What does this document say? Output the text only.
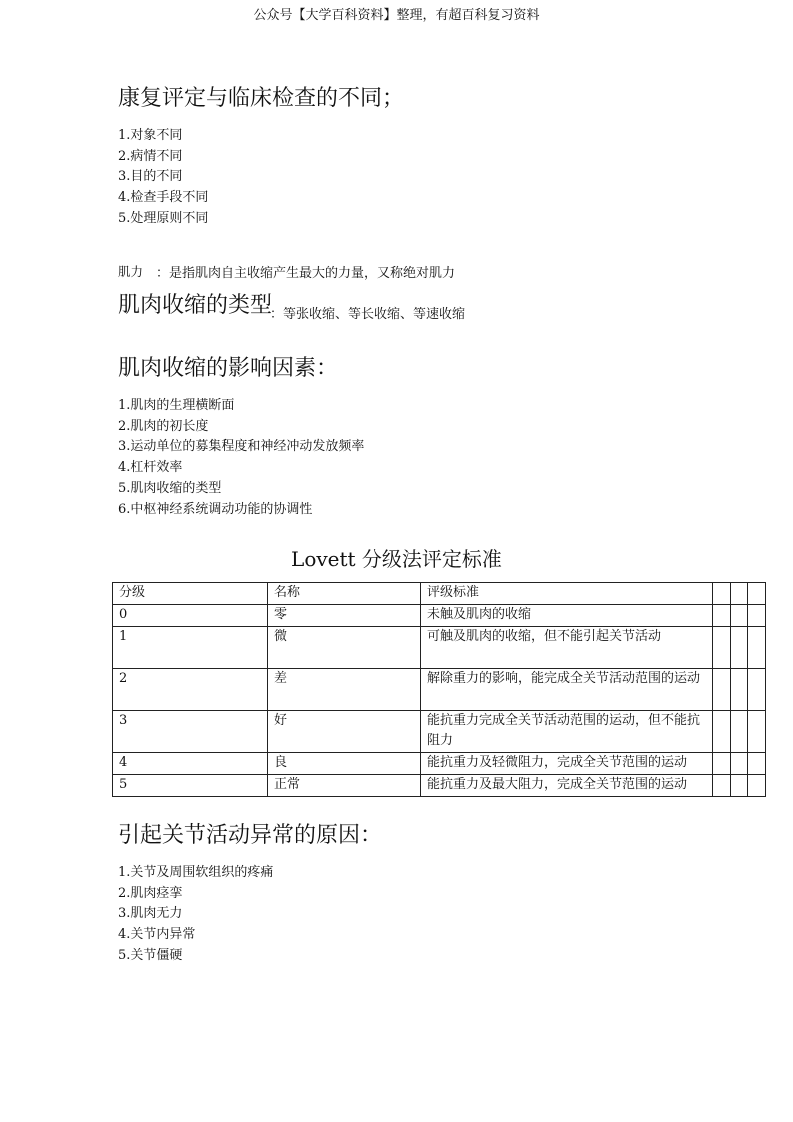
公众号【大学百科资料】整理，有超百科复习资料
康复评定与临床检查的不同；
1.对象不同
2.病情不同
3.目的不同
4.检查手段不同
5.处理原则不同
肌力 ：是指肌肉自主收缩产生最大的力量，又称绝对肌力
肌肉收缩的类型
：等张收缩、等长收缩、等速收缩
肌肉收缩的影响因素：
1.肌肉的生理横断面
2.肌肉的初长度
3.运动单位的募集程度和神经冲动发放频率
4.杠杆效率
5.肌肉收缩的类型
6.中枢神经系统调动功能的协调性
Lovett 分级法评定标准
分级	名称	评级标准			
0	零	未触及肌肉的收缩			
1	微	可触及肌肉的收缩，但不能引起关节活动			
2	差	解除重力的影响，能完成全关节活动范围的运动			
3	好	能抗重力完成全关节活动范围的运动，但不能抗阻力			
4	良	能抗重力及轻微阻力，完成全关节范围的运动			
5	正常	能抗重力及最大阻力，完成全关节范围的运动			
引起关节活动异常的原因：
1.关节及周围软组织的疼痛
2.肌肉痉挛
3.肌肉无力
4.关节内异常
5.关节僵硬
